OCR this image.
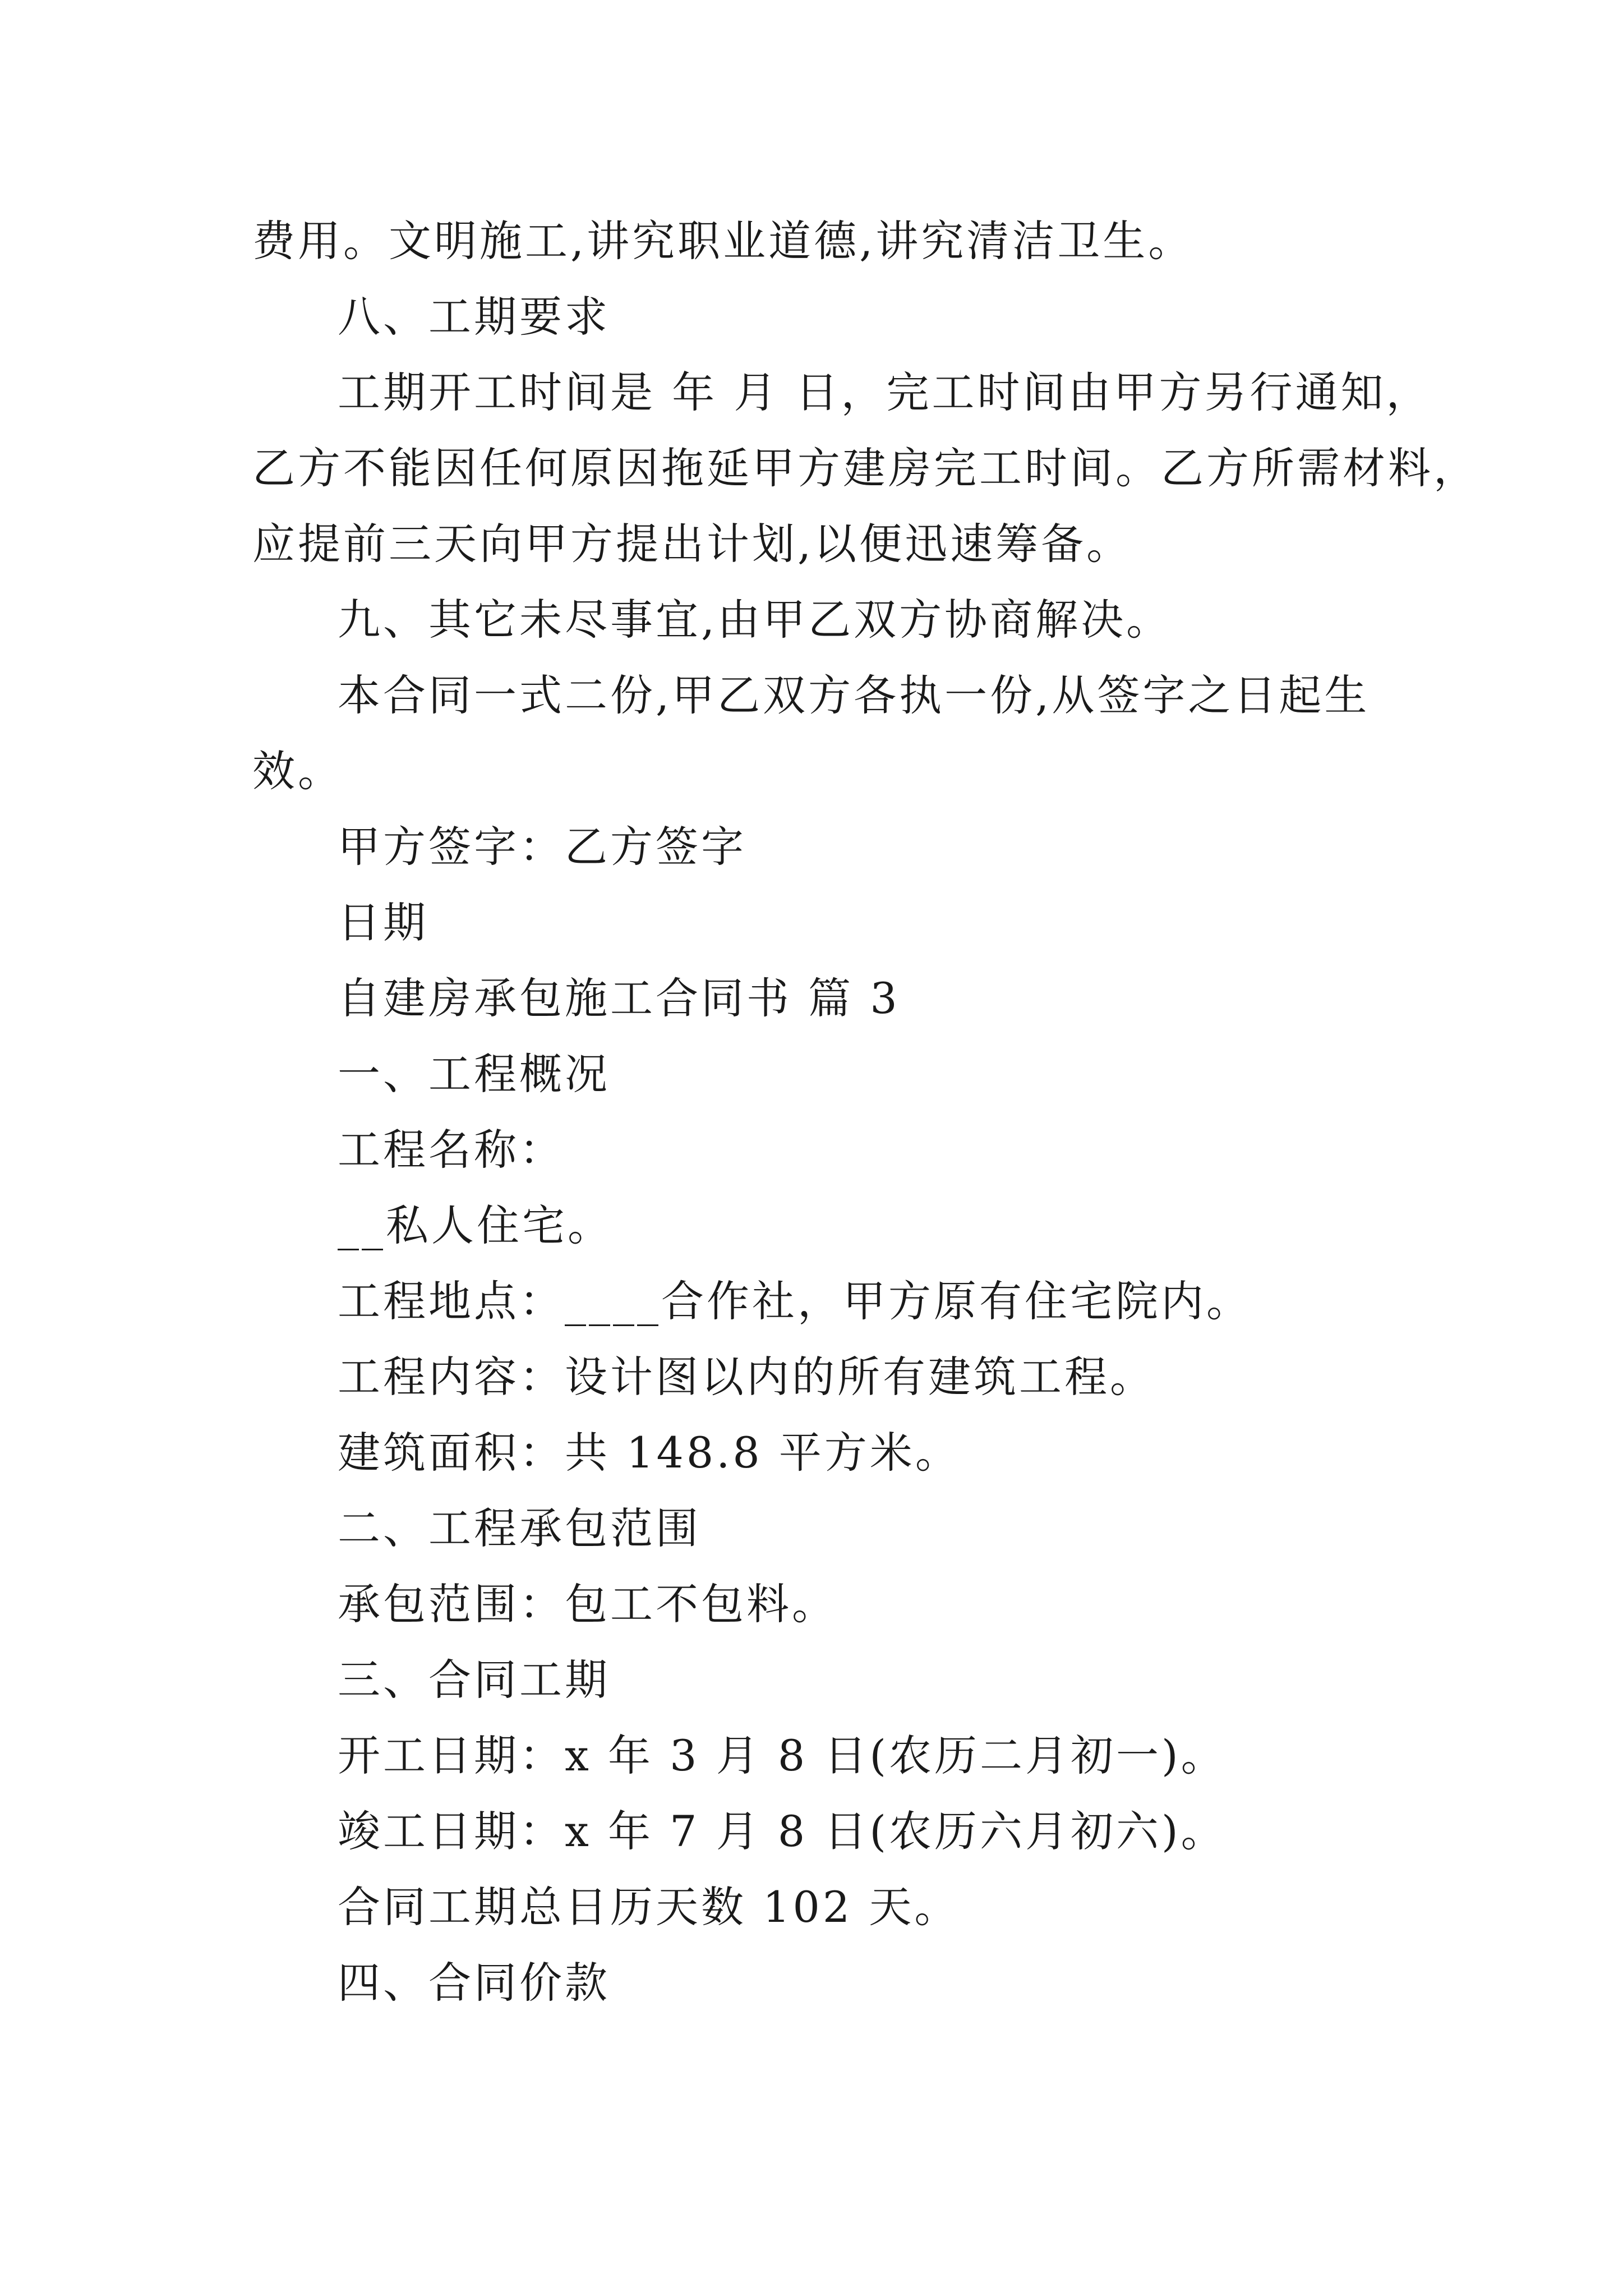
费用。文明施工,讲究职业道德,讲究清洁卫生。
八、工期要求
工期开工时间是 年 月 日，完工时间由甲方另行通知，
乙方不能因任何原因拖延甲方建房完工时间。乙方所需材料，
应提前三天向甲方提出计划,以便迅速筹备。
九、其它未尽事宜,由甲乙双方协商解决。
本合同一式二份,甲乙双方各执一份,从签字之日起生
效。
甲方签字：乙方签字
日期
自建房承包施工合同书 篇 3
一、工程概况
工程名称：
__私人住宅。
工程地点：____合作社，甲方原有住宅院内。
工程内容：设计图以内的所有建筑工程。
建筑面积：共 148.8 平方米。
二、工程承包范围
承包范围：包工不包料。
三、合同工期
开工日期：x 年 3 月 8 日(农历二月初一)。
竣工日期：x 年 7 月 8 日(农历六月初六)。
合同工期总日历天数 102 天。
四、合同价款
